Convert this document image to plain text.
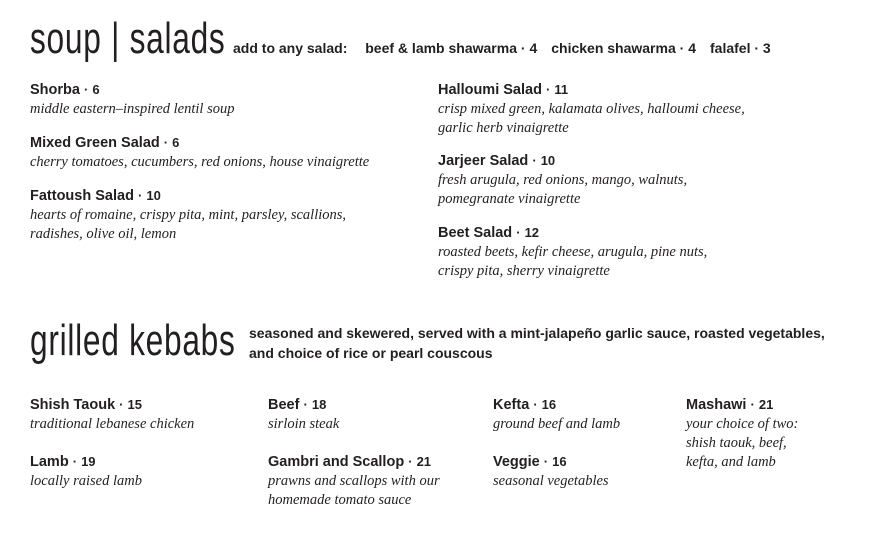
soup | salads add to any salad: beef & lamb shawarma · 4 chicken shawarma · 4 falafel · 3
Shorba · 6
middle eastern–inspired lentil soup
Mixed Green Salad · 6
cherry tomatoes, cucumbers, red onions, house vinaigrette
Fattoush Salad · 10
hearts of romaine, crispy pita, mint, parsley, scallions,
radishes, olive oil, lemon
Halloumi Salad · 11
crisp mixed green, kalamata olives, halloumi cheese,
garlic herb vinaigrette
Jarjeer Salad · 10
fresh arugula, red onions, mango, walnuts,
pomegranate vinaigrette
Beet Salad · 12
roasted beets, kefir cheese, arugula, pine nuts,
crispy pita, sherry vinaigrette
grilled kebabs seasoned and skewered, served with a mint-jalapeño garlic sauce, roasted vegetables,
and choice of rice or pearl couscous
Shish Taouk · 15
traditional lebanese chicken
Lamb · 19
locally raised lamb
Beef · 18
sirloin steak
Gambri and Scallop · 21
prawns and scallops with our
homemade tomato sauce
Kefta · 16
ground beef and lamb
Veggie · 16
seasonal vegetables
Mashawi · 21
your choice of two:
shish taouk, beef,
kefta, and lamb
